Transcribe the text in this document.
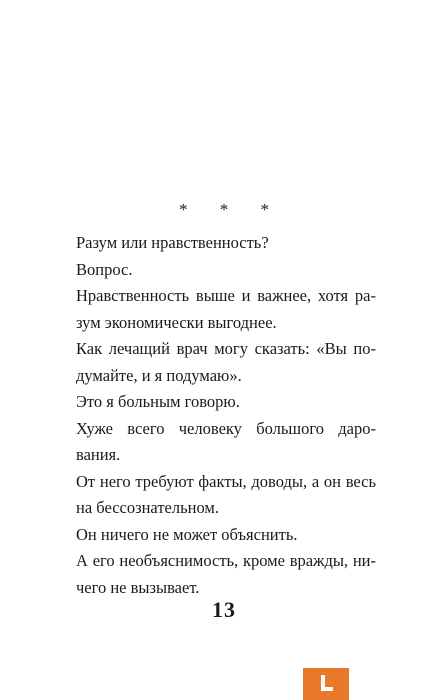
* * *
Разум или нравственность?
Вопрос.
Нравственность выше и важнее, хотя ра-
зум экономически выгоднее.
Как лечащий врач могу сказать: «Вы по-
думайте, и я подумаю».
Это я больным говорю.
Хуже всего человеку большого даро-
вания.
От него требуют факты, доводы, а он весь
на бессознательном.
Он ничего не может объяснить.
А его необъяснимость, кроме вражды, ни-
чего не вызывает.
13
